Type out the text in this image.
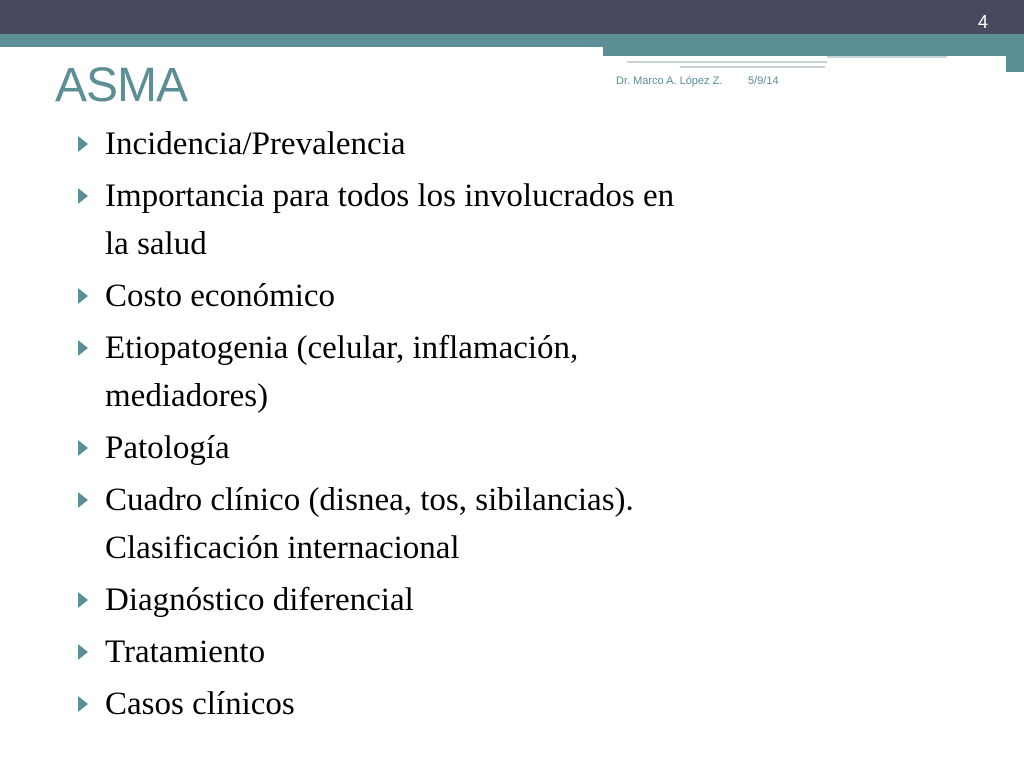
4
ASMA	Dr. Marco A. López Z. 5/9/14
Incidencia/Prevalencia
Importancia para todos los involucrados en
la salud
Costo económico
Etiopatogenia (celular, inflamación,
mediadores)
Patología
Cuadro clínico (disnea, tos, sibilancias).
Clasificación internacional
Diagnóstico diferencial
Tratamiento
Casos clínicos
